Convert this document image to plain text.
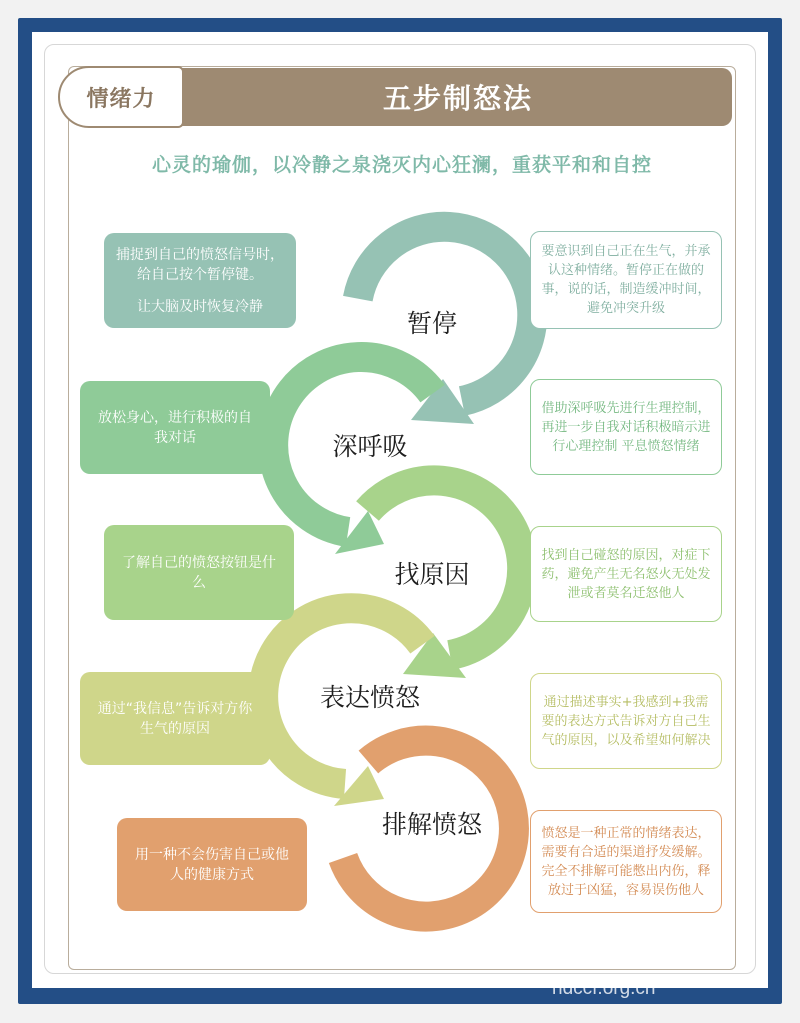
情绪力	五步制怒法
心灵的瑜伽，以冷静之泉浇灭内心狂澜，重获平和和自控
暂停
深呼吸
找原因
表达愤怒
排解愤怒
捕捉到自己的愤怒信号时，给自己按个暂停键。
让大脑及时恢复冷静
放松身心，进行积极的自我对话
了解自己的愤怒按钮是什么
通过“我信息”告诉对方你生气的原因
用一种不会伤害自己或他人的健康方式
要意识到自己正在生气，并承认这种情绪。暂停正在做的事，说的话，制造缓冲时间，避免冲突升级
借助深呼吸先进行生理控制，再进一步自我对话积极暗示进行心理控制 平息愤怒情绪
找到自己碰怒的原因，对症下药，避免产生无名怒火无处发泄或者莫名迁怒他人
通过描述事实+我感到+我需要的表达方式告诉对方自己生气的原因，以及希望如何解决
愤怒是一种正常的情绪表达，需要有合适的渠道抒发缓解。完全不排解可能憋出内伤，释放过于凶猛，容易误伤他人
hdccf.org.cn
